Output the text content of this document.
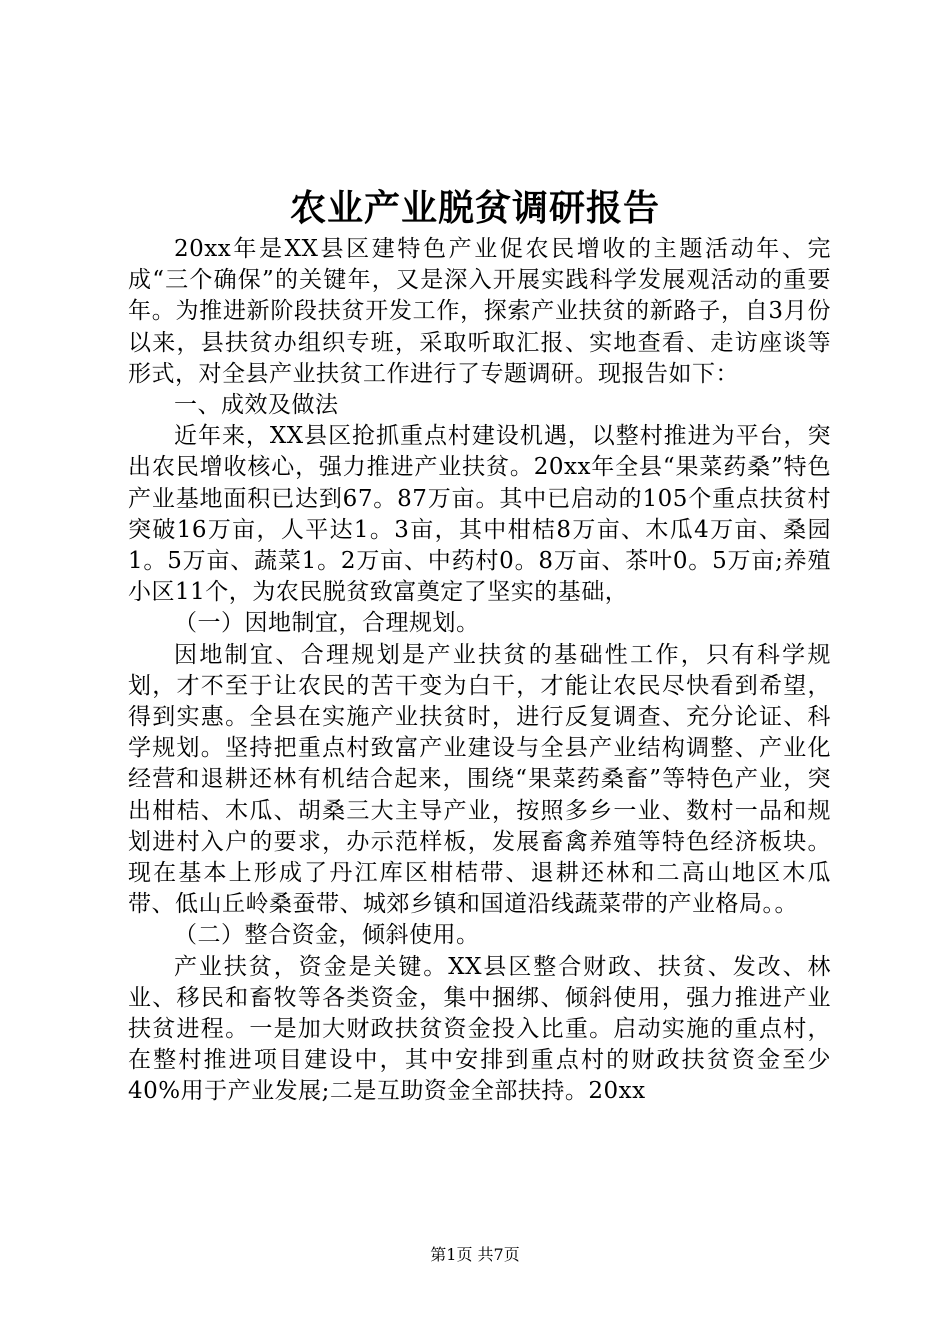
农业产业脱贫调研报告

20xx年是XX县区建特色产业促农民增收的主题活动年、完成“三个确保”的关键年，又是深入开展实践科学发展观活动的重要年。为推进新阶段扶贫开发工作，探索产业扶贫的新路子，自3月份以来，县扶贫办组织专班，采取听取汇报、实地查看、走访座谈等形式，对全县产业扶贫工作进行了专题调研。现报告如下：

一、成效及做法

近年来，XX县区抢抓重点村建设机遇，以整村推进为平台，突出农民增收核心，强力推进产业扶贫。20xx年全县“果菜药桑”特色产业基地面积已达到67。87万亩。其中已启动的105个重点扶贫村突破16万亩，人平达1。3亩，其中柑桔8万亩、木瓜4万亩、桑园1。5万亩、蔬菜1。2万亩、中药村0。8万亩、茶叶0。5万亩;养殖小区11个，为农民脱贫致富奠定了坚实的基础，

（一）因地制宜，合理规划。

因地制宜、合理规划是产业扶贫的基础性工作，只有科学规划，才不至于让农民的苦干变为白干，才能让农民尽快看到希望，得到实惠。全县在实施产业扶贫时，进行反复调查、充分论证、科学规划。坚持把重点村致富产业建设与全县产业结构调整、产业化经营和退耕还林有机结合起来，围绕“果菜药桑畜”等特色产业，突出柑桔、木瓜、胡桑三大主导产业，按照多乡一业、数村一品和规划进村入户的要求，办示范样板，发展畜禽养殖等特色经济板块。现在基本上形成了丹江库区柑桔带、退耕还林和二高山地区木瓜带、低山丘岭桑蚕带、城郊乡镇和国道沿线蔬菜带的产业格局。。

（二）整合资金，倾斜使用。

产业扶贫，资金是关键。XX县区整合财政、扶贫、发改、林业、移民和畜牧等各类资金，集中捆绑、倾斜使用，强力推进产业扶贫进程。一是加大财政扶贫资金投入比重。启动实施的重点村，在整村推进项目建设中，其中安排到重点村的财政扶贫资金至少40%用于产业发展;二是互助资金全部扶持。20xx

第1页 共7页
